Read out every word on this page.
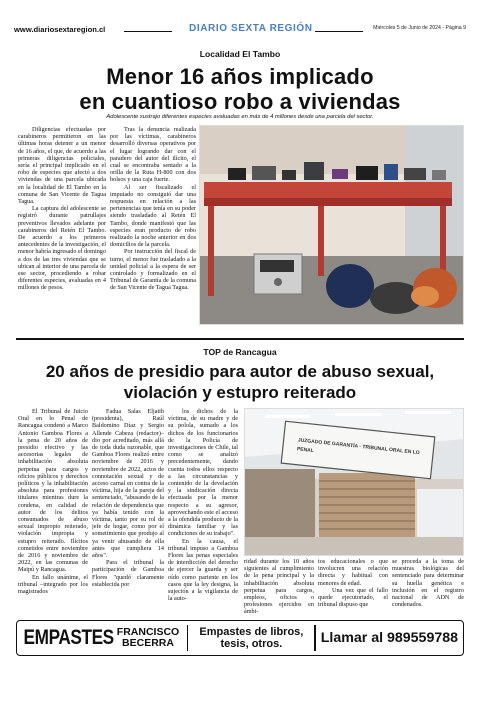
www.diariosextaregion.cl	DIARIO SEXTA REGIÓN	Miércoles 5 de Junio de 2024 - Página 9
Localidad El Tambo
Menor 16 años implicado
en cuantioso robo a viviendas
Adolescente sustrajo diferentes especies avaluadas en más de 4 millones desde una parcela del sector.

Diligencias efectuadas por carabineros permitieron en las últimas horas detener a un menor de 16 años, el que, de acuerdo a las primeras diligencias policiales, sería el principal implicado en el robo de especies que afectó a dos viviendas de una parcela ubicada en la localidad de El Tambo en la comuna de San Vicente de Tagua Tagua.

La captura del adolescente se registró durante patrullajes preventivos llevados adelante por carabineros del Retén El Tambo. De acuerdo a los primeros antecedentes de la investigación, el menor habría ingresado el domingo a dos de las tres viviendas que se ubican al interior de una parcela de ese sector, procediendo a robar diferentes especies, avaluadas en 4 millones de pesos.

Tras la denuncia realizada por las víctimas, carabineros desarrolló diversas operativos por el lugar logrando dar con el paradero del autor del ilícito, el cual se encontraba sentado a la orilla de la Ruta H-800 con dos bolsos y una caja fuerte.

Al ser fiscalizado el imputado no consiguió dar una respuesta en relación a las pertenencias que tenía en su poder siendo trasladado al Retén El Tambo, donde manifestó que las especies eran producto de robo realizado la noche anterior en dos domicilios de la parcela.

Por instrucción del fiscal de turno, el menor fue trasladado a la unidad policial a la espera de ser controlado y formalizado en el Tribunal de Garantía de la comuna de San Vicente de Tagua Tagua.

TOP de Rancagua
20 años de presidio para autor de abuso sexual,
violación y estupro reiterado

El Tribunal de Juicio Oral en lo Penal de Rancagua condenó a Marco Antonio Gamboa Flores a la pena de 20 años de presidio efectivo y las accesorias legales de inhabilitación absoluta perpetua para cargos y oficios públicos y derechos políticos y la inhabilitación absoluta para profesiones titulares mientras dure la condena, en calidad de autor de los delitos consumados de abuso sexual impropio reiterado, violación impropia y estupro reiterado. Ilícitos cometidos entre noviembre de 2016 y noviembre de 2022, en las comunas de Maipú y Rancagua.

En fallo unánime, el tribunal –integrado por los magistrados

Fadua Salas Eljatib (presidenta), Raúl Baldomino Díaz y Sergio Allende Cabeza (redactor)– dio por acreditado, más allá de toda duda razonable, que Gamboa Flores realizó entre noviembre de 2016 y noviembre de 2022, actos de connotación sexual y de acceso carnal en contra de la víctima, hija de la pareja del sentenciado, "abusando de la relación de dependencia que ya había tenido con la víctima, tanto por su rol de jefe de hogar, como por el sometimiento que produjo al ya venir abusando de ella antes que cumpliera 14 años".

Para el tribunal la participación de Gamboa Flores "quedó claramente establecida por

los dichos de la víctima, de su madre y de su polola, sumado a los dichos de los funcionarios de la Policía de investigaciones de Chile, tal como se analizó precedentemente, dando cuenta todos ellos respecto a las circunstancias y contenido de la develación y la sindicación directa efectuada por la menor respecto a su agresor, aprovechando este el acceso a la ofendida producto de la dinámica familiar y las condiciones de su trabajo".

En la causa, el tribunal impuso a Gamboa Flores las penas especiales de interdicción del derecho de ejercer la guarda y ser oído como pariente en los casos que la ley designa, la sujeción a la vigilancia de la auto-

JUZGADO DE GARANTÍA · TRIBUNAL ORAL EN LO PENAL

ridad durante los 10 años siguientes al cumplimiento de la pena principal y la inhabilitación absoluta perpetua para cargos, empleos, oficios o profesiones ejercidos en ámbi-

tos educacionales o que involucren una relación directa y habitual con menores de edad.

Una vez que el fallo quede ejecutoriado, el tribunal dispuso que

se proceda a la toma de muestras biológicas del sentenciado para determinar su huella genética e inclusión en el registro nacional de ADN de condenados.

EMPASTES FRANCISCO
BECERRA
Empastes de libros,
tesis, otros.	Llamar al 989559788
